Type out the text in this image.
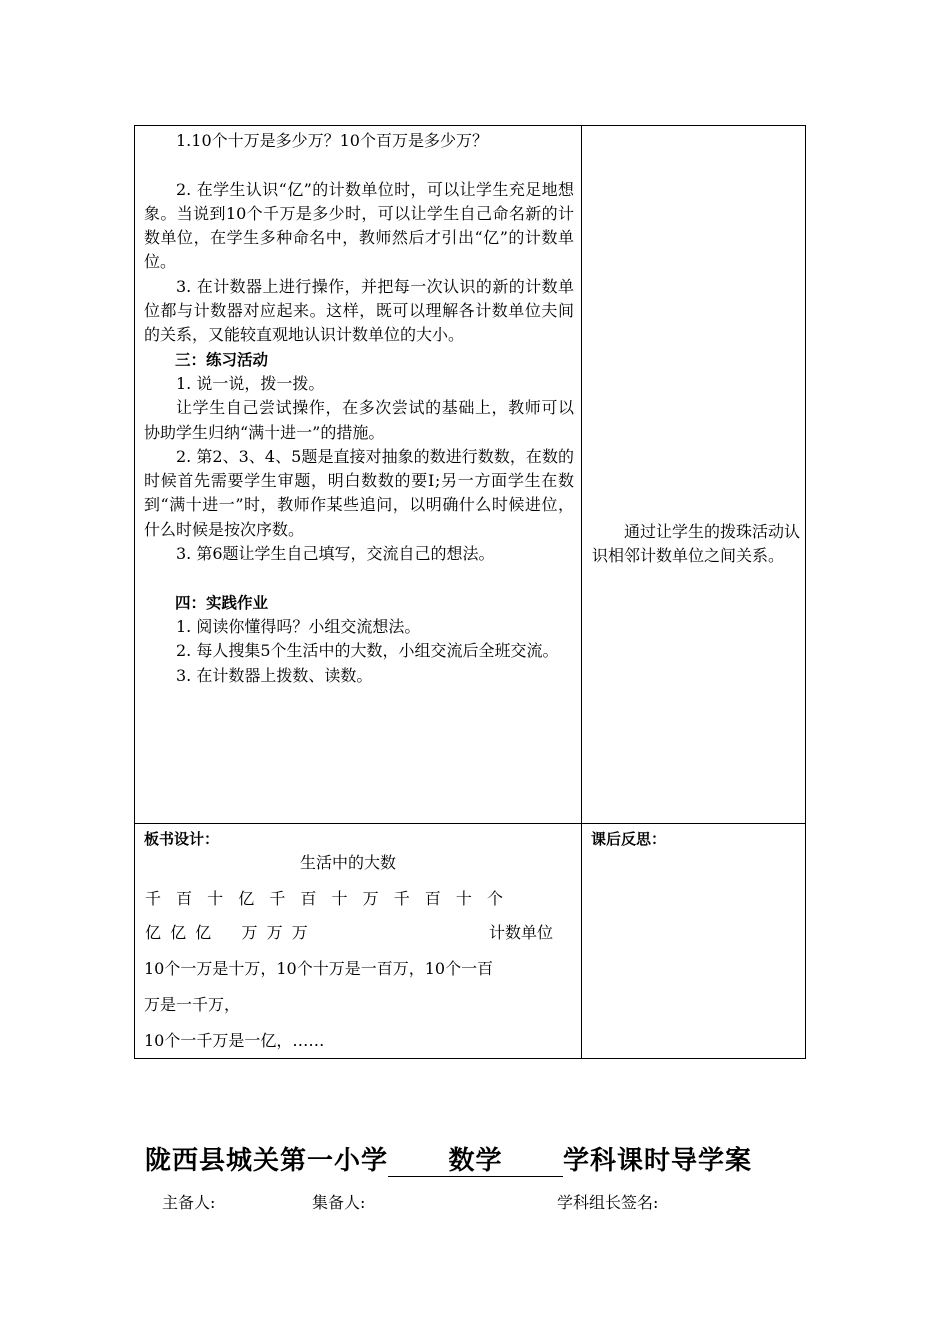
1.10个十万是多少万？10个百万是多少万？

2. 在学生认识“亿”的计数单位时，可以让学生充足地想象。当说到10个千万是多少时，可以让学生自己命名新的计数单位，在学生多种命名中，教师然后才引出“亿”的计数单位。

3. 在计数器上进行操作，并把每一次认识的新的计数单位都与计数器对应起来。这样，既可以理解各计数单位夫间的关系，又能较直观地认识计数单位的大小。

三：练习活动

1. 说一说，拨一拨。

让学生自己尝试操作，在多次尝试的基础上，教师可以协助学生归纳“满十进一”的措施。

2. 第2、3、4、5题是直接对抽象的数进行数数，在数的时候首先需要学生审题，明白数数的要Ⅰ;另一方面学生在数到“满十进一”时，教师作某些追问，以明确什么时候进位，什么时候是按次序数。

3. 第6题让学生自己填写，交流自己的想法。

四：实践作业

1. 阅读你懂得吗？小组交流想法。

2. 每人搜集5个生活中的大数，小组交流后全班交流。

3. 在计数器上拨数、读数。

通过让学生的拨珠活动认识相邻计数单位之间关系。

板书设计：
生活中的大数
千 百 十 亿 千 百 十 万 千 百 十 个
亿 亿 亿    万 万 万	计数单位
10个一万是十万，10个十万是一百万，10个一百
万是一千万，
10个一千万是一亿，……
课后反思：
陇西县城关第一小学 数学 学科课时导学案
主备人:	集备人:	学科组长签名:
